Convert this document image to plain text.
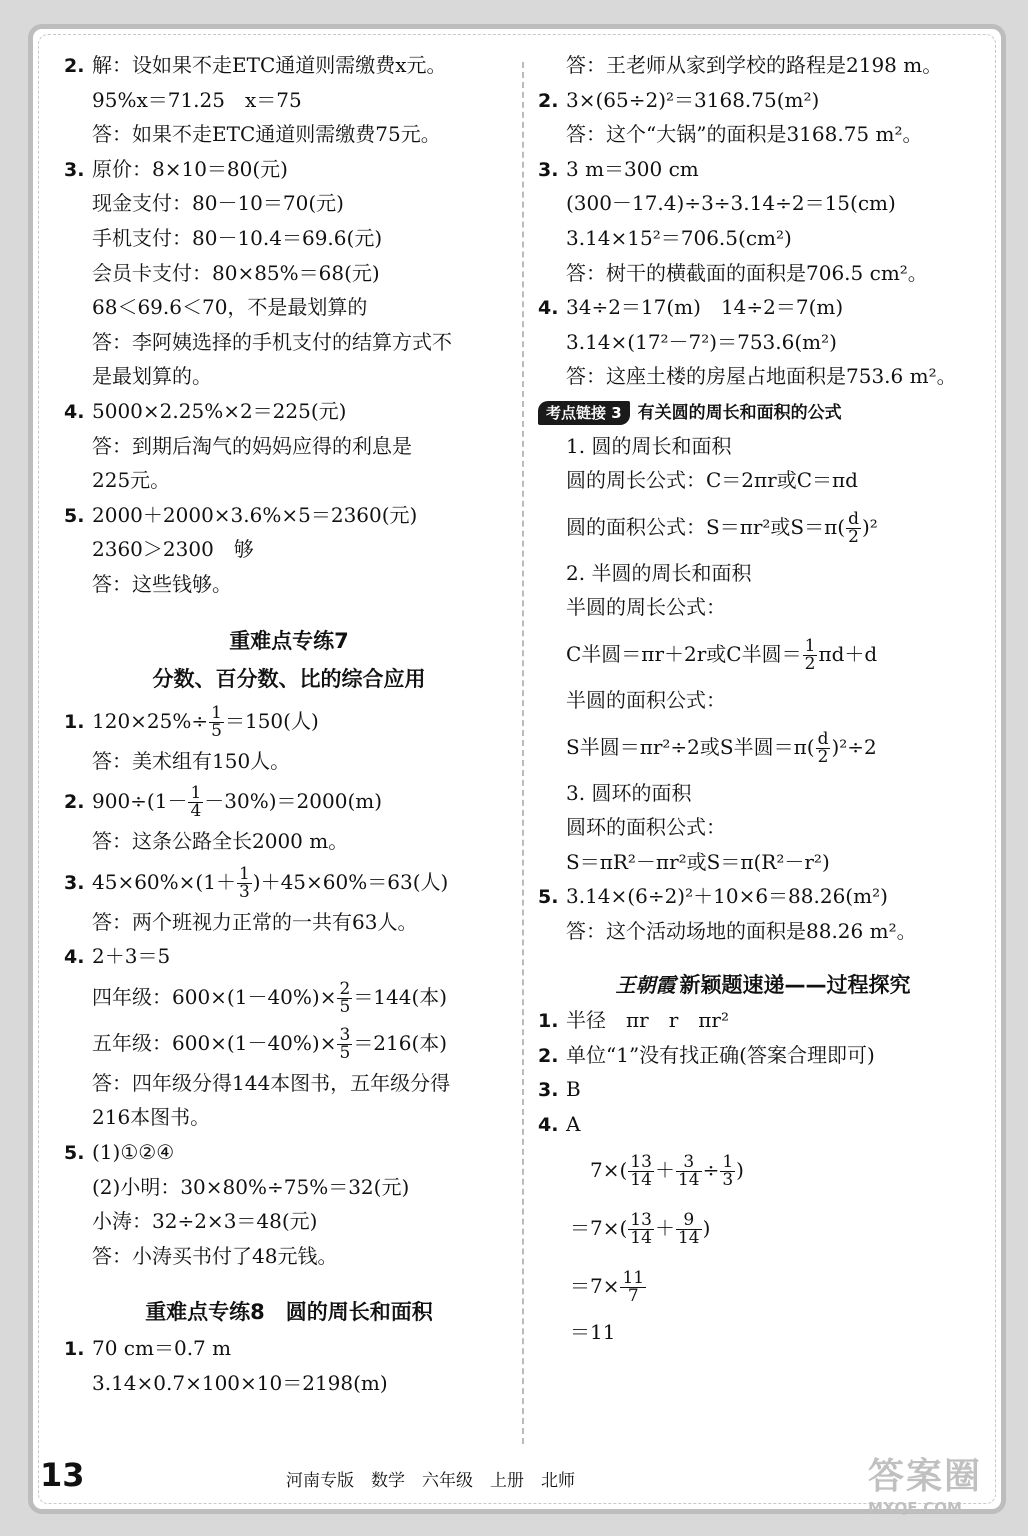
2. 解：设如果不走ETC通道则需缴费x元。
95%x＝71.25　x＝75
答：如果不走ETC通道则需缴费75元。
3. 原价：8×10＝80(元)
现金支付：80－10＝70(元)
手机支付：80－10.4＝69.6(元)
会员卡支付：80×85%＝68(元)
68＜69.6＜70，不是最划算的
答：李阿姨选择的手机支付的结算方式不
是最划算的。
4. 5000×2.25%×2＝225(元)
答：到期后淘气的妈妈应得的利息是
225元。
5. 2000＋2000×3.6%×5＝2360(元)
2360＞2300　够
答：这些钱够。
重难点专练7
分数、百分数、比的综合应用
1. $120\times 25\%\div \frac{1}{5} =150$(人)
答：美术组有150人。
2. $900\div(1- \frac{1}{4} -30\%)=2000(m)$
答：这条公路全长2000 m。
3. $45\times 60\%\times(1+ \frac{1}{3} )+45\times 60\%=63$(人)
答：两个班视力正常的一共有63人。
4. 2＋3＝5
四年级：$600\times(1-40\%)\times \frac{2}{5} =144$(本)
五年级：$600\times(1-40\%)\times \frac{3}{5} =216$(本)
答：四年级分得144本图书，五年级分得
216本图书。
5. (1)①②④
(2)小明：30×80%÷75%＝32(元)
小涛：32÷2×3＝48(元)
答：小涛买书付了48元钱。
重难点专练8　圆的周长和面积
1. 70 cm＝0.7 m
3.14×0.7×100×10＝2198(m)
答：王老师从家到学校的路程是2198 m。
2. 3×(65÷2)²＝3168.75(m²)
答：这个“大锅”的面积是3168.75 m²。
3. 3 m＝300 cm
(300－17.4)÷3÷3.14÷2＝15(cm)
3.14×15²＝706.5(cm²)
答：树干的横截面的面积是706.5 cm²。
4. 34÷2＝17(m)　14÷2＝7(m)
3.14×(17²－7²)＝753.6(m²)
答：这座土楼的房屋占地面积是753.6 m²。
考点链接 3 有关圆的周长和面积的公式
1. 圆的周长和面积
圆的周长公式：C＝2πr或C＝πd
圆的面积公式：S＝πr²或$S=\pi( \frac{d}{2} )^2$
2. 半圆的周长和面积
半圆的周长公式：
C半圆＝πr＋2r或C半圆＝ $\frac{1}{2} \pi d+d$
半圆的面积公式：
S半圆＝πr²÷2或S半圆$=\pi( \frac{d}{2} )^2\div 2$
3. 圆环的面积
圆环的面积公式：
S＝πR²－πr²或S＝π(R²－r²)
5. 3.14×(6÷2)²＋10×6＝88.26(m²)
答：这个活动场地的面积是88.26 m²。
王朝霞 新颖题速递——过程探究
1. 半径　πr　r　πr²
2. 单位“1”没有找正确(答案合理即可)
3. B
4. A
$7\times( \frac{13}{14} + \frac{3}{14} \div \frac{1}{3}$ )
$=7\times( \frac{13}{14} + \frac{9}{14}$ )
$=7\times \frac{11}{7}$
＝11
13	河南专版　数学　六年级　上册　北师	答案圈
MXQE.COM
